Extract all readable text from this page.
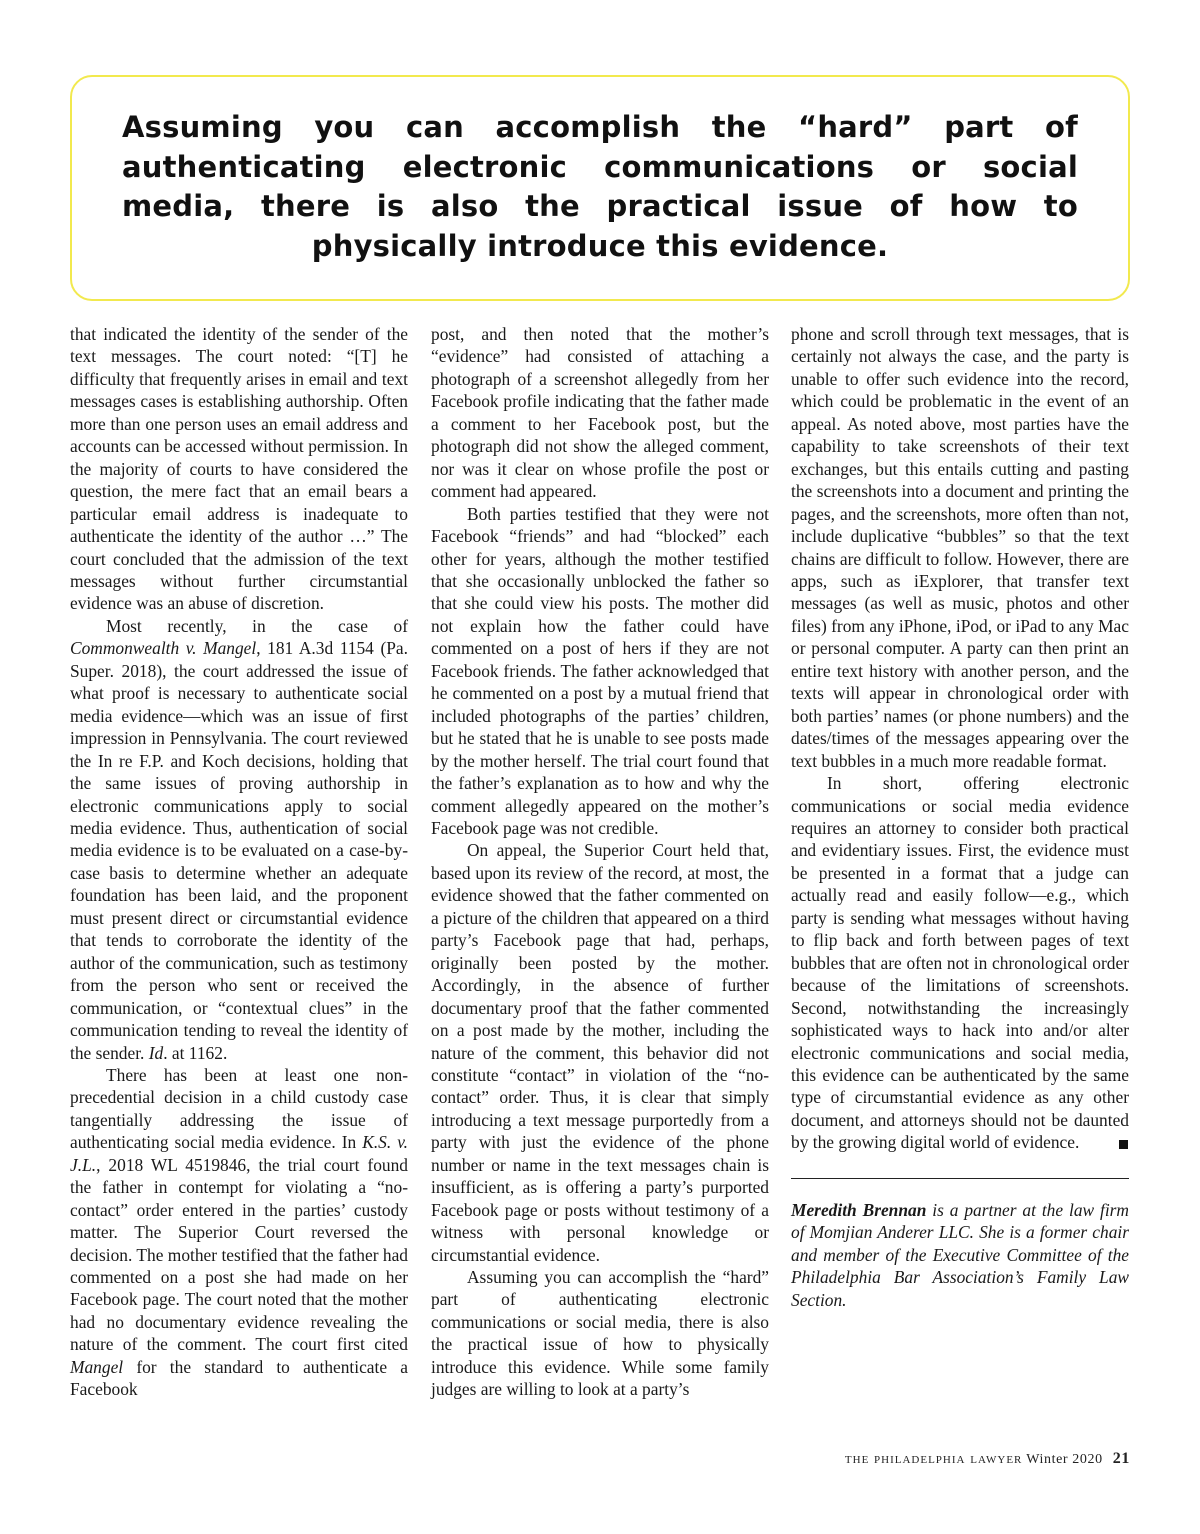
Assuming you can accomplish the “hard” part of authenticating electronic communications or social media, there is also the practical issue of how to physically introduce this evidence.

that indicated the identity of the sender of the text messages. The court noted: “[T] he difficulty that frequently arises in email and text messages cases is establishing authorship. Often more than one person uses an email address and accounts can be accessed without permission. In the majority of courts to have considered the question, the mere fact that an email bears a particular email address is inadequate to authenticate the identity of the author …” The court concluded that the admission of the text messages without further circumstantial evidence was an abuse of discretion.

Most recently, in the case of Commonwealth v. Mangel, 181 A.3d 1154 (Pa. Super. 2018), the court addressed the issue of what proof is necessary to authenticate social media evidence—which was an issue of first impression in Pennsylvania. The court reviewed the In re F.P. and Koch decisions, holding that the same issues of proving authorship in electronic communications apply to social media evidence. Thus, authentication of social media evidence is to be evaluated on a case-by-case basis to determine whether an adequate foundation has been laid, and the proponent must present direct or circumstantial evidence that tends to corroborate the identity of the author of the communication, such as testimony from the person who sent or received the communication, or “contextual clues” in the communication tending to reveal the identity of the sender. Id. at 1162.

There has been at least one non-precedential decision in a child custody case tangentially addressing the issue of authenticating social media evidence. In K.S. v. J.L., 2018 WL 4519846, the trial court found the father in contempt for violating a “no-contact” order entered in the parties’ custody matter. The Superior Court reversed the decision. The mother testified that the father had commented on a post she had made on her Facebook page. The court noted that the mother had no documentary evidence revealing the nature of the comment. The court first cited Mangel for the standard to authenticate a Facebook

post, and then noted that the mother’s “evidence” had consisted of attaching a photograph of a screenshot allegedly from her Facebook profile indicating that the father made a comment to her Facebook post, but the photograph did not show the alleged comment, nor was it clear on whose profile the post or comment had appeared.

Both parties testified that they were not Facebook “friends” and had “blocked” each other for years, although the mother testified that she occasionally unblocked the father so that she could view his posts. The mother did not explain how the father could have commented on a post of hers if they are not Facebook friends. The father acknowledged that he commented on a post by a mutual friend that included photographs of the parties’ children, but he stated that he is unable to see posts made by the mother herself. The trial court found that the father’s explanation as to how and why the comment allegedly appeared on the mother’s Facebook page was not credible.

On appeal, the Superior Court held that, based upon its review of the record, at most, the evidence showed that the father commented on a picture of the children that appeared on a third party’s Facebook page that had, perhaps, originally been posted by the mother. Accordingly, in the absence of further documentary proof that the father commented on a post made by the mother, including the nature of the comment, this behavior did not constitute “contact” in violation of the “no-contact” order. Thus, it is clear that simply introducing a text message purportedly from a party with just the evidence of the phone number or name in the text messages chain is insufficient, as is offering a party’s purported Facebook page or posts without testimony of a witness with personal knowledge or circumstantial evidence.

Assuming you can accomplish the “hard” part of authenticating electronic communications or social media, there is also the practical issue of how to physically introduce this evidence. While some family judges are willing to look at a party’s

phone and scroll through text messages, that is certainly not always the case, and the party is unable to offer such evidence into the record, which could be problematic in the event of an appeal. As noted above, most parties have the capability to take screenshots of their text exchanges, but this entails cutting and pasting the screenshots into a document and printing the pages, and the screenshots, more often than not, include duplicative “bubbles” so that the text chains are difficult to follow. However, there are apps, such as iExplorer, that transfer text messages (as well as music, photos and other files) from any iPhone, iPod, or iPad to any Mac or personal computer. A party can then print an entire text history with another person, and the texts will appear in chronological order with both parties’ names (or phone numbers) and the dates/times of the messages appearing over the text bubbles in a much more readable format.

In short, offering electronic communications or social media evidence requires an attorney to consider both practical and evidentiary issues. First, the evidence must be presented in a format that a judge can actually read and easily follow—e.g., which party is sending what messages without having to flip back and forth between pages of text bubbles that are often not in chronological order because of the limitations of screenshots. Second, notwithstanding the increasingly sophisticated ways to hack into and/or alter electronic communications and social media, this evidence can be authenticated by the same type of circumstantial evidence as any other document, and attorneys should not be daunted by the growing digital world of evidence.

Meredith Brennan is a partner at the law firm of Momjian Anderer LLC. She is a former chair and member of the Executive Committee of the Philadelphia Bar Association’s Family Law Section.

the philadelphia lawyer Winter 2020 21
